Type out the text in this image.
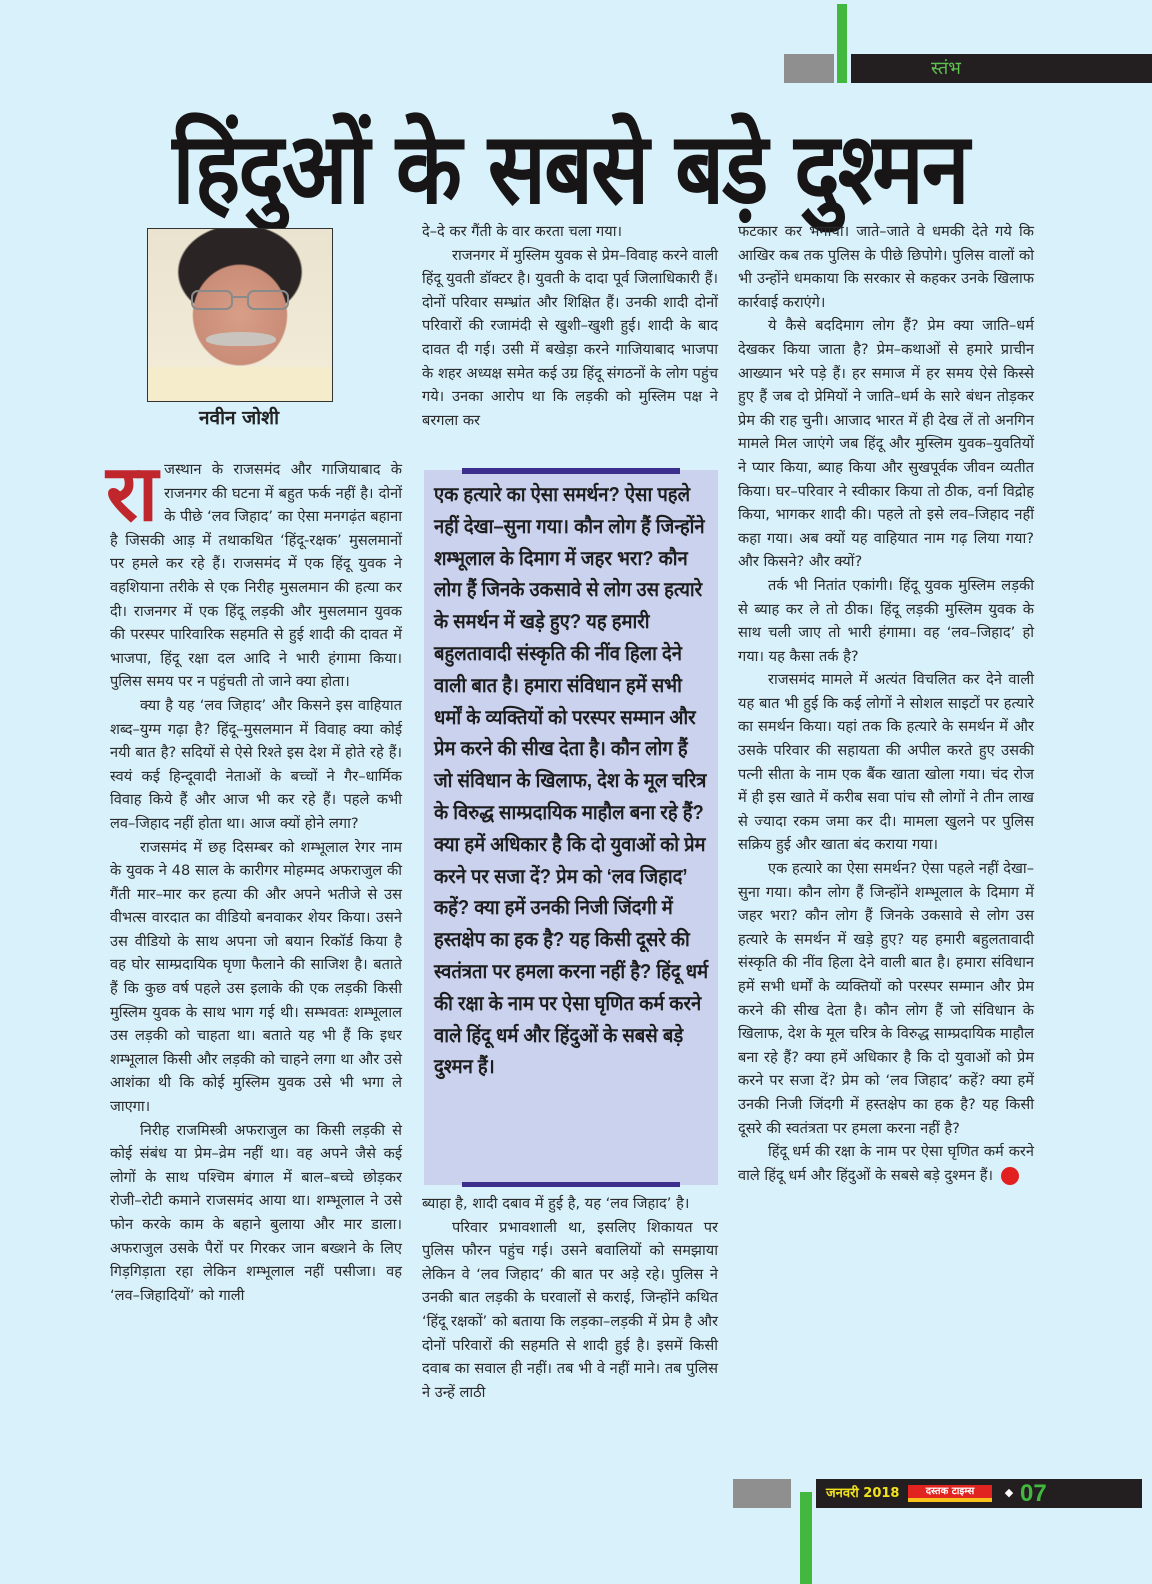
स्तंभ
हिंदुओं के सबसे बड़े दुश्मन
नवीन जोशी

राजस्थान के राजसमंद और गाजियाबाद के राजनगर की घटना में बहुत फर्क नहीं है। दोनों के पीछे ‘लव जिहाद’ का ऐसा मनगढ़ंत बहाना है जिसकी आड़ में तथाकथित ‘हिंदू-रक्षक’ मुसलमानों पर हमले कर रहे हैं। राजसमंद में एक हिंदू युवक ने वहशियाना तरीके से एक निरीह मुसलमान की हत्या कर दी। राजनगर में एक हिंदू लड़की और मुसलमान युवक की परस्पर पारिवारिक सहमति से हुई शादी की दावत में भाजपा, हिंदू रक्षा दल आदि ने भारी हंगामा किया। पुलिस समय पर न पहुंचती तो जाने क्या होता।

क्या है यह ‘लव जिहाद’ और किसने इस वाहियात शब्द–युग्म गढ़ा है? हिंदू–मुसलमान में विवाह क्या कोई नयी बात है? सदियों से ऐसे रिश्ते इस देश में होते रहे हैं। स्वयं कई हिन्दूवादी नेताओं के बच्चों ने गैर–धार्मिक विवाह किये हैं और आज भी कर रहे हैं। पहले कभी लव–जिहाद नहीं होता था। आज क्यों होने लगा?

राजसमंद में छह दिसम्बर को शम्भूलाल रेगर नाम के युवक ने 48 साल के कारीगर मोहम्मद अफराजुल की गैंती मार–मार कर हत्या की और अपने भतीजे से उस वीभत्स वारदात का वीडियो बनवाकर शेयर किया। उसने उस वीडियो के साथ अपना जो बयान रिकॉर्ड किया है वह घोर साम्प्रदायिक घृणा फैलाने की साजिश है। बताते हैं कि कुछ वर्ष पहले उस इलाके की एक लड़की किसी मुस्लिम युवक के साथ भाग गई थी। सम्भवतः शम्भूलाल उस लड़की को चाहता था। बताते यह भी हैं कि इधर शम्भूलाल किसी और लड़की को चाहने लगा था और उसे आशंका थी कि कोई मुस्लिम युवक उसे भी भगा ले जाएगा।

निरीह राजमिस्त्री अफराजुल का किसी लड़की से कोई संबंध या प्रेम–व्रेम नहीं था। वह अपने जैसे कई लोगों के साथ पश्चिम बंगाल में बाल–बच्चे छोड़कर रोजी–रोटी कमाने राजसमंद आया था। शम्भूलाल ने उसे फोन करके काम के बहाने बुलाया और मार डाला। अफराजुल उसके पैरों पर गिरकर जान बख्शने के लिए गिड़गिड़ाता रहा लेकिन शम्भूलाल नहीं पसीजा। वह ‘लव–जिहादियों’ को गाली

दे–दे कर गैंती के वार करता चला गया।

राजनगर में मुस्लिम युवक से प्रेम–विवाह करने वाली हिंदू युवती डॉक्टर है। युवती के दादा पूर्व जिलाधिकारी हैं। दोनों परिवार सम्भ्रांत और शिक्षित हैं। उनकी शादी दोनों परिवारों की रजामंदी से खुशी–खुशी हुई। शादी के बाद दावत दी गई। उसी में बखेड़ा करने गाजियाबाद भाजपा के शहर अध्यक्ष समेत कई उग्र हिंदू संगठनों के लोग पहुंच गये। उनका आरोप था कि लड़की को मुस्लिम पक्ष ने बरगला कर

एक हत्यारे का ऐसा समर्थन? ऐसा पहले नहीं देखा–सुना गया। कौन लोग हैं जिन्होंने शम्भूलाल के दिमाग में जहर भरा? कौन लोग हैं जिनके उकसावे से लोग उस हत्यारे के समर्थन में खड़े हुए? यह हमारी बहुलतावादी संस्कृति की नींव हिला देने वाली बात है। हमारा संविधान हमें सभी धर्मों के व्यक्तियों को परस्पर सम्मान और प्रेम करने की सीख देता है। कौन लोग हैं जो संविधान के खिलाफ, देश के मूल चरित्र के विरुद्ध साम्प्रदायिक माहौल बना रहे हैं? क्या हमें अधिकार है कि दो युवाओं को प्रेम करने पर सजा दें? प्रेम को ‘लव जिहाद’ कहें? क्या हमें उनकी निजी जिंदगी में हस्तक्षेप का हक है? यह किसी दूसरे की स्वतंत्रता पर हमला करना नहीं है? हिंदू धर्म की रक्षा के नाम पर ऐसा घृणित कर्म करने वाले हिंदू धर्म और हिंदुओं के सबसे बड़े दुश्मन हैं।

ब्याहा है, शादी दबाव में हुई है, यह ‘लव जिहाद’ है।

परिवार प्रभावशाली था, इसलिए शिकायत पर पुलिस फौरन पहुंच गई। उसने बवालियों को समझाया लेकिन वे ‘लव जिहाद’ की बात पर अड़े रहे। पुलिस ने उनकी बात लड़की के घरवालों से कराई, जिन्होंने कथित ‘हिंदू रक्षकों’ को बताया कि लड़का–लड़की में प्रेम है और दोनों परिवारों की सहमति से शादी हुई है। इसमें किसी दवाब का सवाल ही नहीं। तब भी वे नहीं माने। तब पुलिस ने उन्हें लाठी

फटकार कर भगाया। जाते–जाते वे धमकी देते गये कि आखिर कब तक पुलिस के पीछे छिपोगे। पुलिस वालों को भी उन्होंने धमकाया कि सरकार से कहकर उनके खिलाफ कार्रवाई कराएंगे।

ये कैसे बददिमाग लोग हैं? प्रेम क्या जाति–धर्म देखकर किया जाता है? प्रेम–कथाओं से हमारे प्राचीन आख्यान भरे पड़े हैं। हर समाज में हर समय ऐसे किस्से हुए हैं जब दो प्रेमियों ने जाति–धर्म के सारे बंधन तोड़कर प्रेम की राह चुनी। आजाद भारत में ही देख लें तो अनगिन मामले मिल जाएंगे जब हिंदू और मुस्लिम युवक–युवतियों ने प्यार किया, ब्याह किया और सुखपूर्वक जीवन व्यतीत किया। घर–परिवार ने स्वीकार किया तो ठीक, वर्ना विद्रोह किया, भागकर शादी की। पहले तो इसे लव–जिहाद नहीं कहा गया। अब क्यों यह वाहियात नाम गढ़ लिया गया? और किसने? और क्यों?

तर्क भी नितांत एकांगी। हिंदू युवक मुस्लिम लड़की से ब्याह कर ले तो ठीक। हिंदू लड़की मुस्लिम युवक के साथ चली जाए तो भारी हंगामा। वह ‘लव–जिहाद’ हो गया। यह कैसा तर्क है?

राजसमंद मामले में अत्यंत विचलित कर देने वाली यह बात भी हुई कि कई लोगों ने सोशल साइटों पर हत्यारे का समर्थन किया। यहां तक कि हत्यारे के समर्थन में और उसके परिवार की सहायता की अपील करते हुए उसकी पत्नी सीता के नाम एक बैंक खाता खोला गया। चंद रोज में ही इस खाते में करीब सवा पांच सौ लोगों ने तीन लाख से ज्यादा रकम जमा कर दी। मामला खुलने पर पुलिस सक्रिय हुई और खाता बंद कराया गया।

एक हत्यारे का ऐसा समर्थन? ऐसा पहले नहीं देखा–सुना गया। कौन लोग हैं जिन्होंने शम्भूलाल के दिमाग में जहर भरा? कौन लोग हैं जिनके उकसावे से लोग उस हत्यारे के समर्थन में खड़े हुए? यह हमारी बहुलतावादी संस्कृति की नींव हिला देने वाली बात है। हमारा संविधान हमें सभी धर्मों के व्यक्तियों को परस्पर सम्मान और प्रेम करने की सीख देता है। कौन लोग हैं जो संविधान के खिलाफ, देश के मूल चरित्र के विरुद्ध साम्प्रदायिक माहौल बना रहे हैं? क्या हमें अधिकार है कि दो युवाओं को प्रेम करने पर सजा दें? प्रेम को ‘लव जिहाद’ कहें? क्या हमें उनकी निजी जिंदगी में हस्तक्षेप का हक है? यह किसी दूसरे की स्वतंत्रता पर हमला करना नहीं है?

हिंदू धर्म की रक्षा के नाम पर ऐसा घृणित कर्म करने वाले हिंदू धर्म और हिंदुओं के सबसे बड़े दुश्मन हैं।

जनवरी 2018	दस्तक टाइम्स	◆ 07
